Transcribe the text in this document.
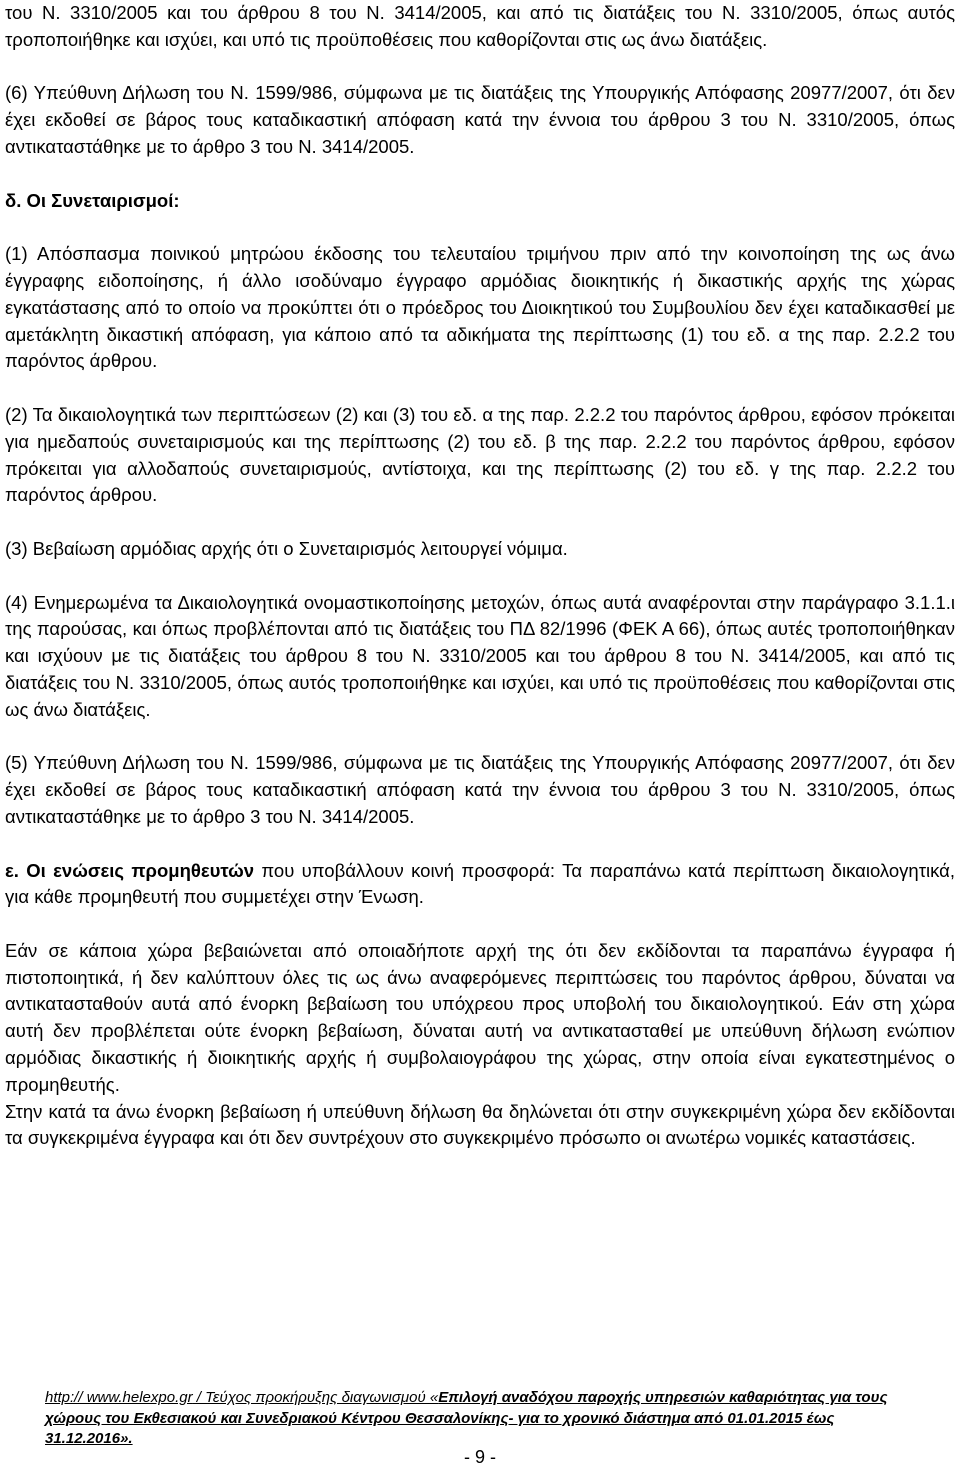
του Ν. 3310/2005 και του άρθρου 8 του Ν. 3414/2005, και από τις διατάξεις του Ν. 3310/2005, όπως αυτός τροποποιήθηκε και ισχύει, και υπό τις προϋποθέσεις που καθορίζονται στις ως άνω διατάξεις.

(6) Υπεύθυνη Δήλωση του Ν. 1599/986, σύμφωνα με τις διατάξεις της Υπουργικής Απόφασης 20977/2007, ότι δεν έχει εκδοθεί σε βάρος τους καταδικαστική απόφαση κατά την έννοια του άρθρου 3 του Ν. 3310/2005, όπως αντικαταστάθηκε με το άρθρο 3 του Ν. 3414/2005.

δ. Οι Συνεταιρισμοί:

(1) Απόσπασμα ποινικού μητρώου έκδοσης του τελευταίου τριμήνου πριν από την κοινοποίηση της ως άνω έγγραφης ειδοποίησης, ή άλλο ισοδύναμο έγγραφο αρμόδιας διοικητικής ή δικαστικής αρχής της χώρας εγκατάστασης από το οποίο να προκύπτει ότι ο πρόεδρος του Διοικητικού του Συμβουλίου δεν έχει καταδικασθεί με αμετάκλητη δικαστική απόφαση, για κάποιο από τα αδικήματα της περίπτωσης (1) του εδ. α της παρ. 2.2.2 του παρόντος άρθρου.

(2) Τα δικαιολογητικά των περιπτώσεων (2) και (3) του εδ. α της παρ. 2.2.2 του παρόντος άρθρου, εφόσον πρόκειται για ημεδαπούς συνεταιρισμούς και της περίπτωσης (2) του εδ. β της παρ. 2.2.2 του παρόντος άρθρου, εφόσον πρόκειται για αλλοδαπούς συνεταιρισμούς, αντίστοιχα, και της περίπτωσης (2) του εδ. γ της παρ. 2.2.2 του παρόντος άρθρου.

(3) Βεβαίωση αρμόδιας αρχής ότι ο Συνεταιρισμός λειτουργεί νόμιμα.

(4) Ενημερωμένα τα Δικαιολογητικά ονομαστικοποίησης μετοχών, όπως αυτά αναφέρονται στην παράγραφο 3.1.1.ι της παρούσας, και όπως προβλέπονται από τις διατάξεις του ΠΔ 82/1996 (ΦΕΚ Α 66), όπως αυτές τροποποιήθηκαν και ισχύουν με τις διατάξεις του άρθρου 8 του Ν. 3310/2005 και του άρθρου 8 του Ν. 3414/2005, και από τις διατάξεις του Ν. 3310/2005, όπως αυτός τροποποιήθηκε και ισχύει, και υπό τις προϋποθέσεις που καθορίζονται στις ως άνω διατάξεις.

(5) Υπεύθυνη Δήλωση του Ν. 1599/986, σύμφωνα με τις διατάξεις της Υπουργικής Απόφασης 20977/2007, ότι δεν έχει εκδοθεί σε βάρος τους καταδικαστική απόφαση κατά την έννοια του άρθρου 3 του Ν. 3310/2005, όπως αντικαταστάθηκε με το άρθρο 3 του Ν. 3414/2005.

ε. Οι ενώσεις προμηθευτών που υποβάλλουν κοινή προσφορά: Τα παραπάνω κατά περίπτωση δικαιολογητικά, για κάθε προμηθευτή που συμμετέχει στην Ένωση.

Εάν σε κάποια χώρα βεβαιώνεται από οποιαδήποτε αρχή της ότι δεν εκδίδονται τα παραπάνω έγγραφα ή πιστοποιητικά, ή δεν καλύπτουν όλες τις ως άνω αναφερόμενες περιπτώσεις του παρόντος άρθρου, δύναται να αντικατασταθούν αυτά από ένορκη βεβαίωση του υπόχρεου προς υποβολή του δικαιολογητικού. Εάν στη χώρα αυτή δεν προβλέπεται ούτε ένορκη βεβαίωση, δύναται αυτή να αντικατασταθεί με υπεύθυνη δήλωση ενώπιον αρμόδιας δικαστικής ή διοικητικής αρχής ή συμβολαιογράφου της χώρας, στην οποία είναι εγκατεστημένος ο προμηθευτής.

Στην κατά τα άνω ένορκη βεβαίωση ή υπεύθυνη δήλωση θα δηλώνεται ότι στην συγκεκριμένη χώρα δεν εκδίδονται τα συγκεκριμένα έγγραφα και ότι δεν συντρέχουν στο συγκεκριμένο πρόσωπο οι ανωτέρω νομικές καταστάσεις.

http:// www.helexpo.gr / Τεύχος προκήρυξης διαγωνισμού «Επιλογή αναδόχου παροχής υπηρεσιών καθαριότητας για τους χώρους του Εκθεσιακού και Συνεδριακού Κέντρου Θεσσαλονίκης- για το χρονικό διάστημα από 01.01.2015 έως 31.12.2016».
- 9 -
